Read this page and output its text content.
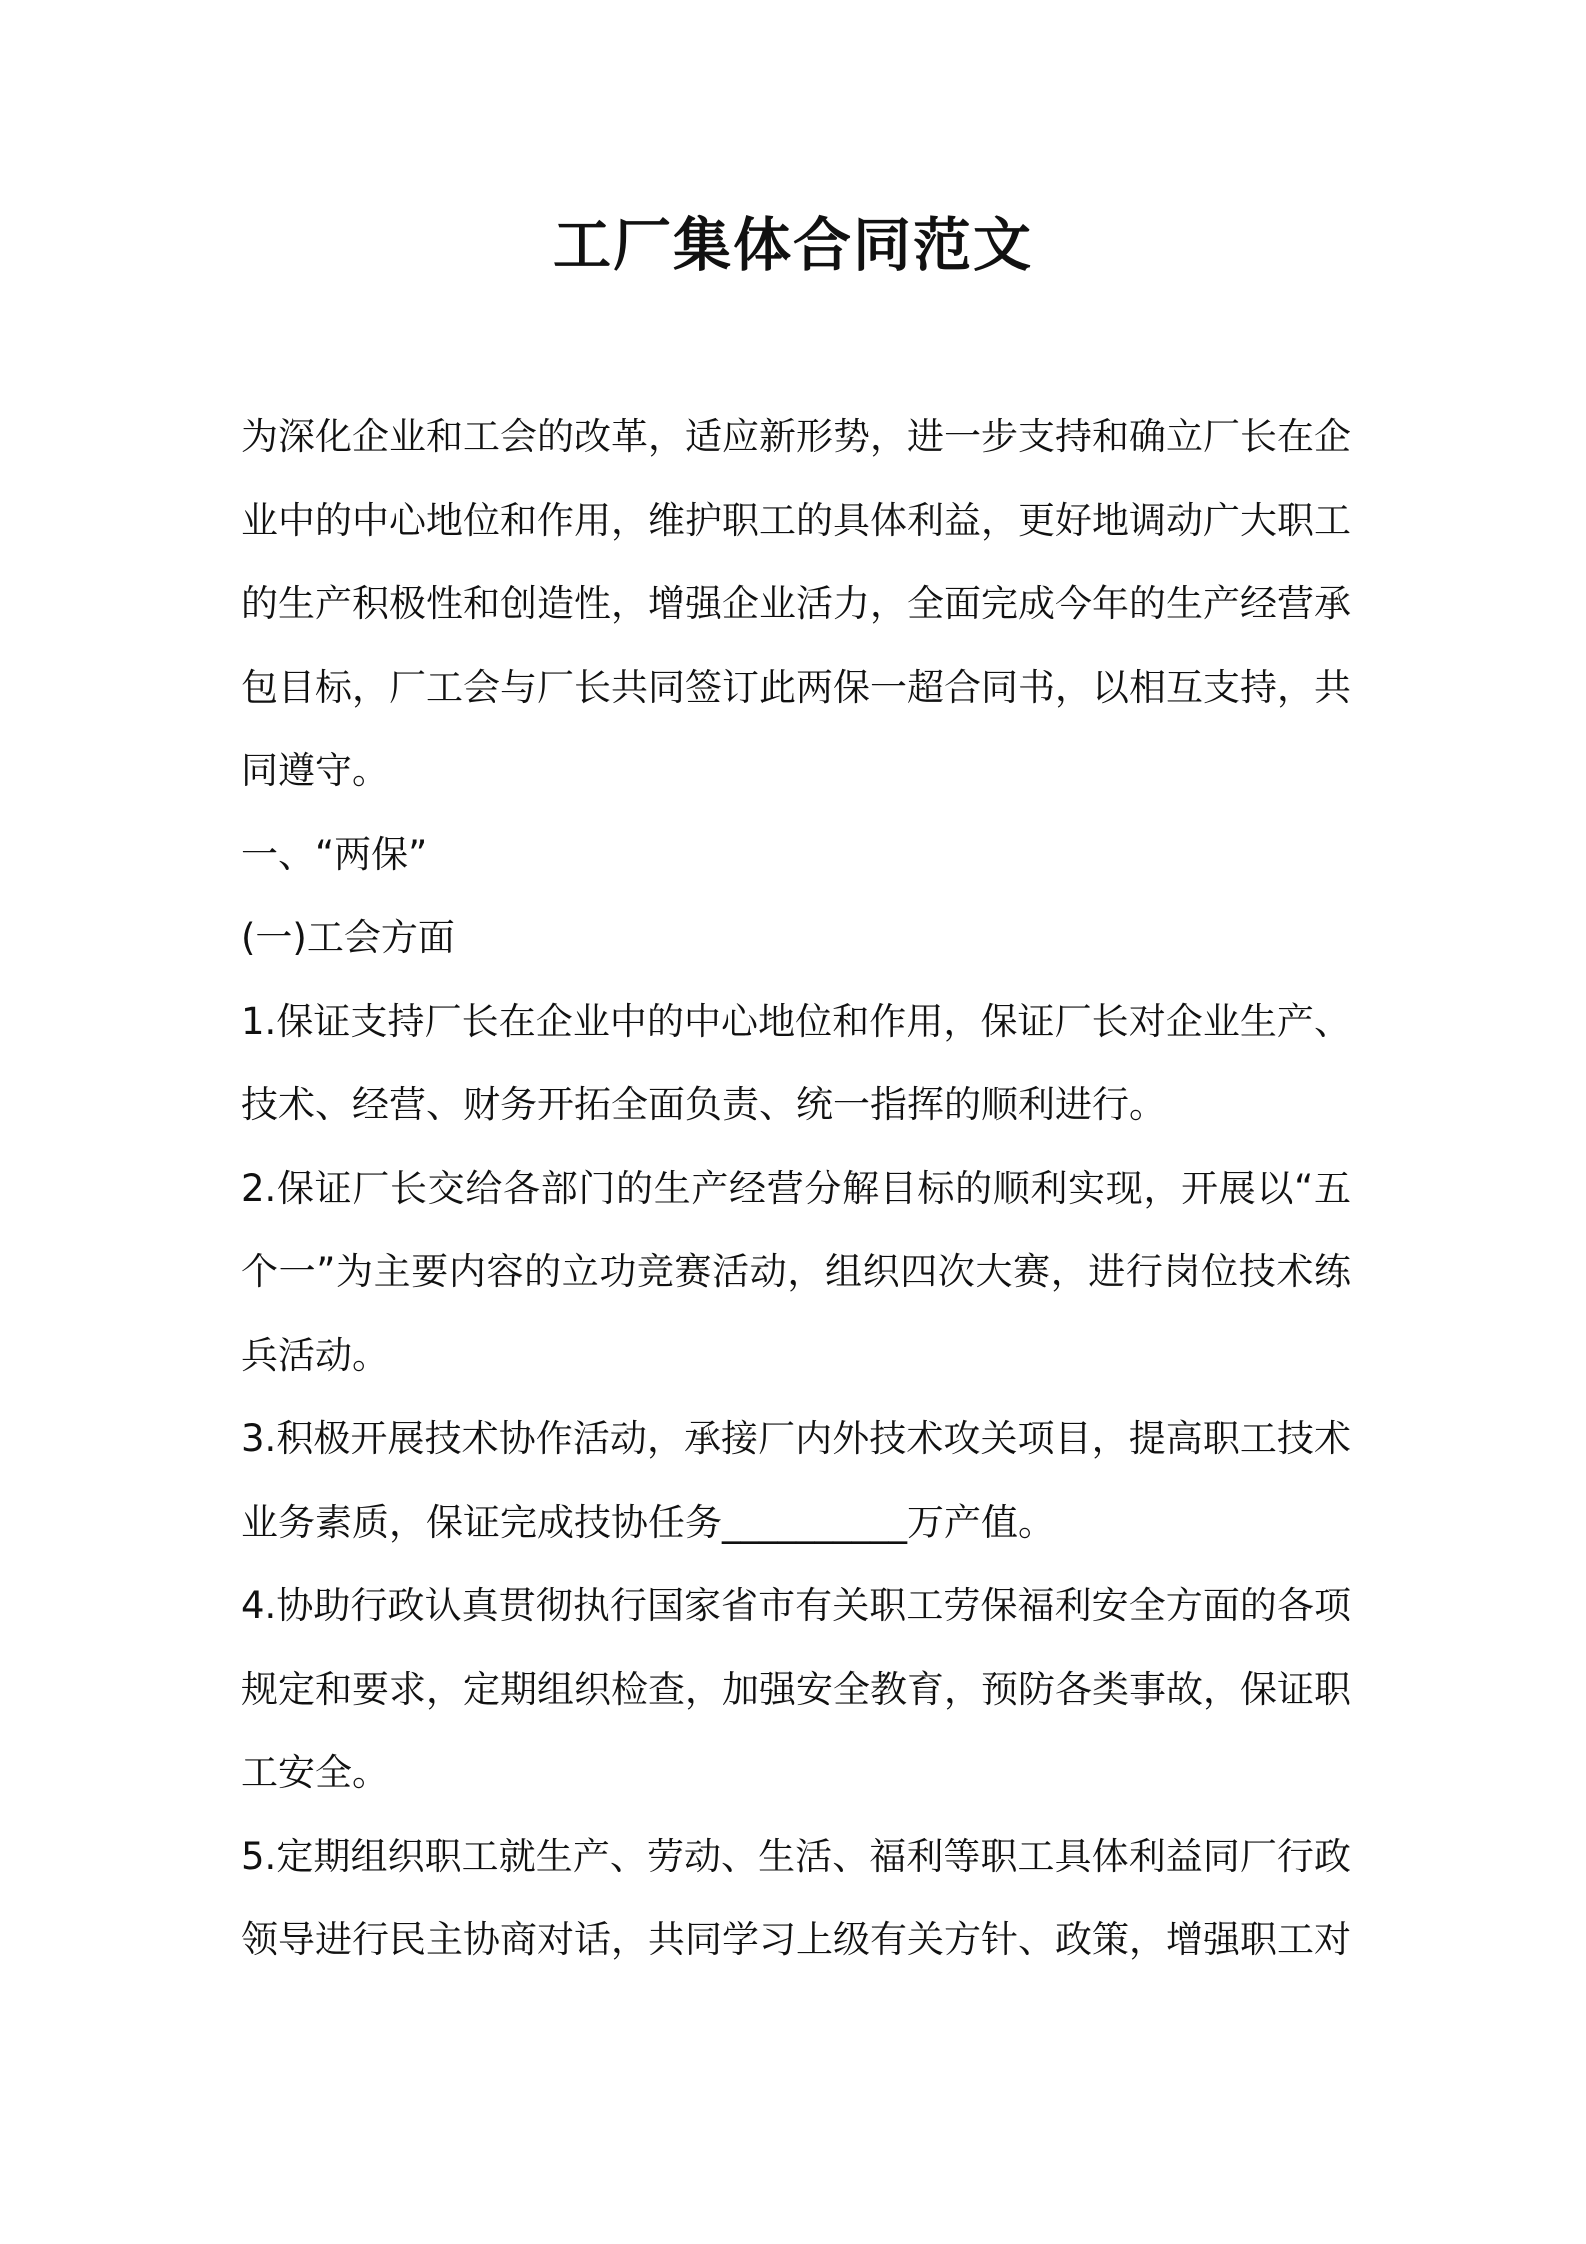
工厂集体合同范文

为深化企业和工会的改革，适应新形势，进一步支持和确立厂长在企业中的中心地位和作用，维护职工的具体利益，更好地调动广大职工的生产积极性和创造性，增强企业活力，全面完成今年的生产经营承包目标，厂工会与厂长共同签订此两保一超合同书，以相互支持，共同遵守。

一、“两保”

(一)工会方面

1.保证支持厂长在企业中的中心地位和作用，保证厂长对企业生产、技术、经营、财务开拓全面负责、统一指挥的顺利进行。

2.保证厂长交给各部门的生产经营分解目标的顺利实现，开展以“五个一”为主要内容的立功竞赛活动，组织四次大赛，进行岗位技术练兵活动。

3.积极开展技术协作活动，承接厂内外技术攻关项目，提高职工技术业务素质，保证完成技协任务__________万产值。

4.协助行政认真贯彻执行国家省市有关职工劳保福利安全方面的各项规定和要求，定期组织检查，加强安全教育，预防各类事故，保证职工安全。

5.定期组织职工就生产、劳动、生活、福利等职工具体利益同厂行政领导进行民主协商对话，共同学习上级有关方针、政策，增强职工对
